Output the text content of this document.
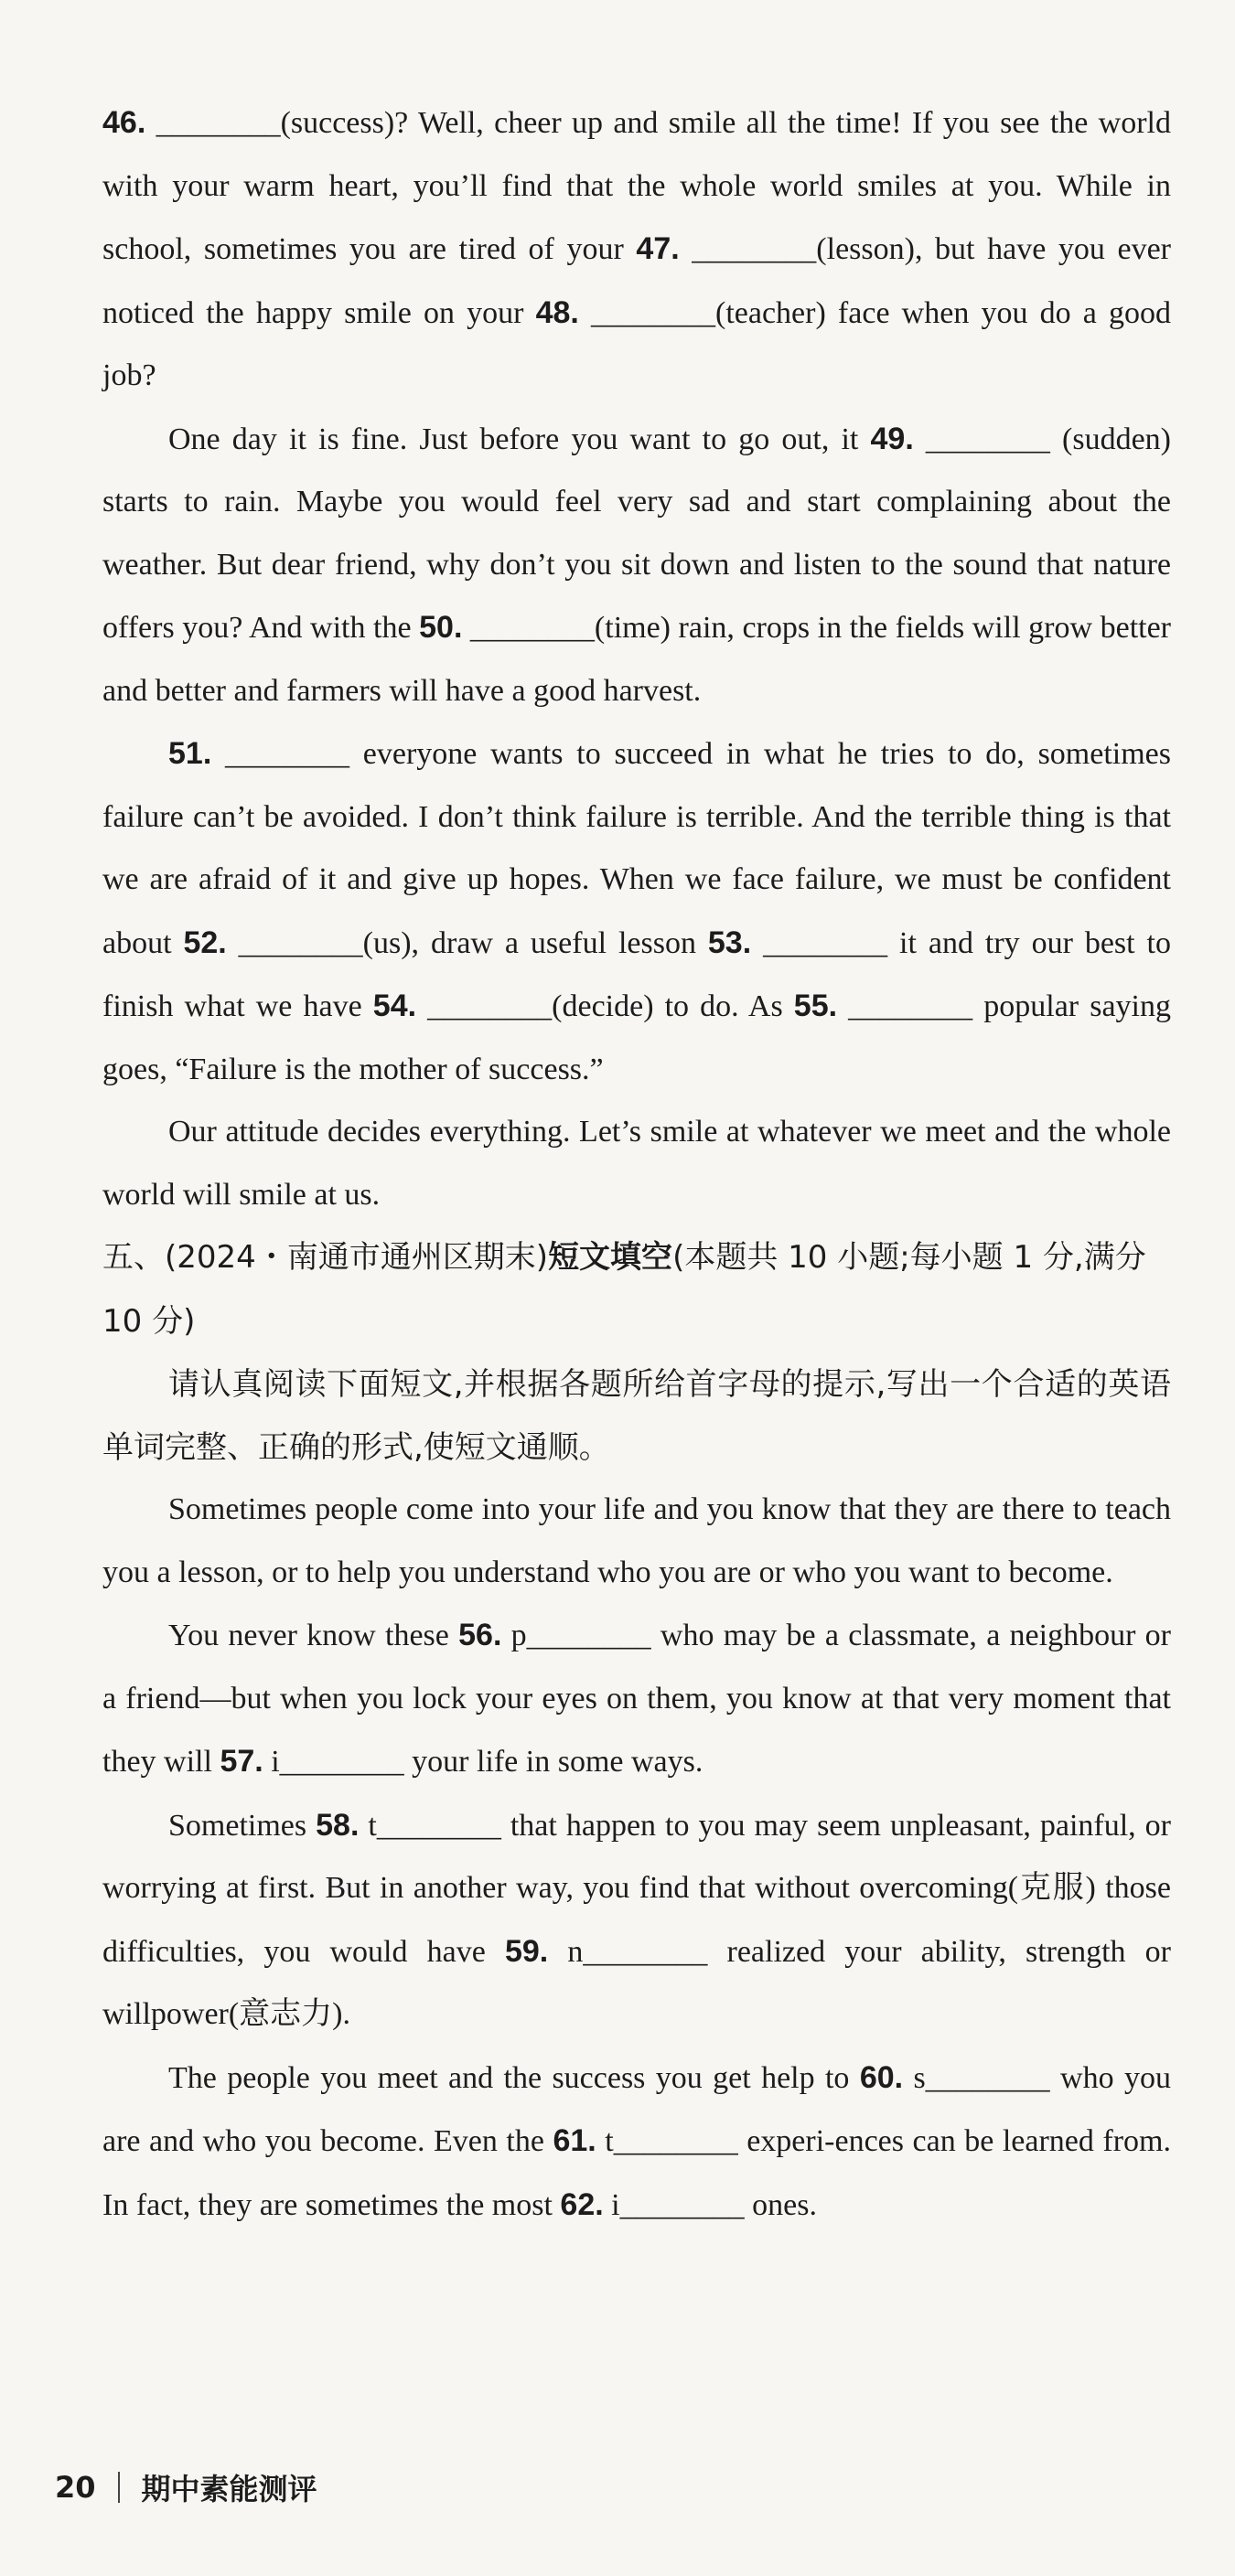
46. ________(success)? Well, cheer up and smile all the time! If you see the world with your warm heart, you’ll find that the whole world smiles at you. While in school, sometimes you are tired of your 47. ________(lesson), but have you ever noticed the happy smile on your 48. ________(teacher) face when you do a good job?

One day it is fine. Just before you want to go out, it 49. ________ (sudden) starts to rain. Maybe you would feel very sad and start complaining about the weather. But dear friend, why don’t you sit down and listen to the sound that nature offers you? And with the 50. ________(time) rain, crops in the fields will grow better and better and farmers will have a good harvest.

51. ________ everyone wants to succeed in what he tries to do, sometimes failure can’t be avoided. I don’t think failure is terrible. And the terrible thing is that we are afraid of it and give up hopes. When we face failure, we must be confident about 52. ________(us), draw a useful lesson 53. ________ it and try our best to finish what we have 54. ________(decide) to do. As 55. ________ popular saying goes, “Failure is the mother of success.”

Our attitude decides everything. Let’s smile at whatever we meet and the whole world will smile at us.

五、(2024・南通市通州区期末)短文填空(本题共 10 小题;每小题 1 分,满分 10 分)

请认真阅读下面短文,并根据各题所给首字母的提示,写出一个合适的英语单词完整、正确的形式,使短文通顺。

Sometimes people come into your life and you know that they are there to teach you a lesson, or to help you understand who you are or who you want to become.

You never know these 56. p________ who may be a classmate, a neighbour or a friend—but when you lock your eyes on them, you know at that very moment that they will 57. i________ your life in some ways.

Sometimes 58. t________ that happen to you may seem unpleasant, painful, or worrying at first. But in another way, you find that without overcoming(克服) those difficulties, you would have 59. n________ realized your ability, strength or willpower(意志力).

The people you meet and the success you get help to 60. s________ who you are and who you become. Even the 61. t________ experi-ences can be learned from. In fact, they are sometimes the most 62. i________ ones.

20 期中素能测评
